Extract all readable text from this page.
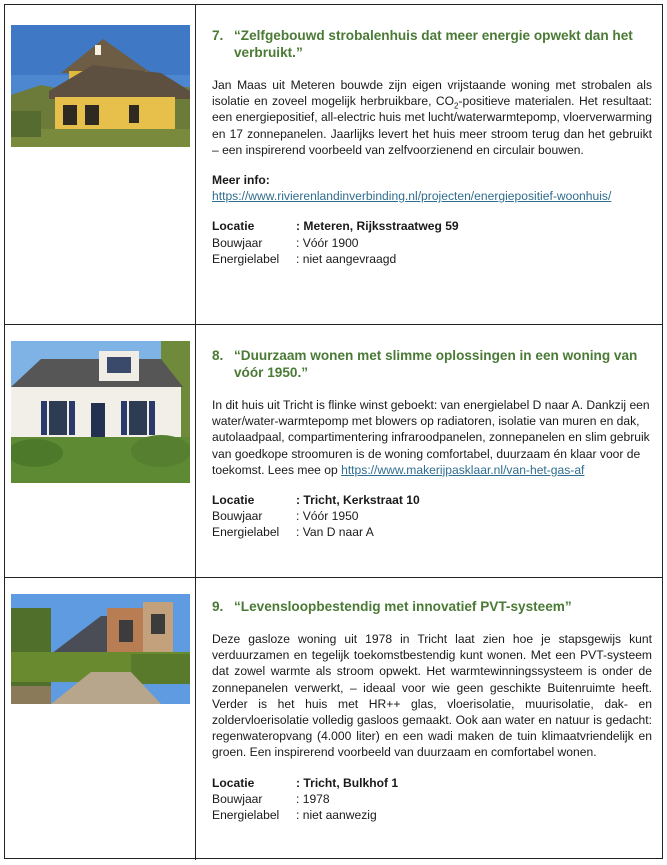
7. “Zelfgebouwd strobalenhuis dat meer energie opwekt dan het verbruikt.”

Jan Maas uit Meteren bouwde zijn eigen vrijstaande woning met strobalen als isolatie en zoveel mogelijk herbruikbare, $CO_2$-positieve materialen. Het resultaat: een energiepositief, all-electric huis met lucht/waterwarmtepomp, vloerverwarming en 17 zonnepanelen. Jaarlijks levert het huis meer stroom terug dan het gebruikt – een inspirerend voorbeeld van zelfvoorzienend en circulair bouwen.

Meer info:
https://www.rivierenlandinverbinding.nl/projecten/energiepositief-woonhuis/
Locatie	: Meteren, Rijksstraatweg 59
Bouwjaar	: Vóór 1900
Energielabel	: niet aangevraagd
8. “Duurzaam wonen met slimme oplossingen in een woning van vóór 1950.”

In dit huis uit Tricht is flinke winst geboekt: van energielabel D naar A. Dankzij een water/water-warmtepomp met blowers op radiatoren, isolatie van muren en dak, autolaadpaal, compartimentering infraroodpanelen, zonnepanelen en slim gebruik van goedkope stroomuren is de woning comfortabel, duurzaam én klaar voor de toekomst. Lees mee op https://www.makerijpasklaar.nl/van-het-gas-af

Locatie	: Tricht, Kerkstraat 10
Bouwjaar	: Vóór 1950
Energielabel	: Van D naar A
9. “Levensloopbestendig met innovatief PVT-systeem”

Deze gasloze woning uit 1978 in Tricht laat zien hoe je stapsgewijs kunt verduurzamen en tegelijk toekomstbestendig kunt wonen. Met een PVT-systeem dat zowel warmte als stroom opwekt. Het warmtewinningssysteem is onder de zonnepanelen verwerkt, – ideaal voor wie geen geschikte Buitenruimte heeft. Verder is het huis met HR++ glas, vloerisolatie, muurisolatie, dak- en zoldervloerisolatie volledig gasloos gemaakt. Ook aan water en natuur is gedacht: regenwateropvang (4.000 liter) en een wadi maken de tuin klimaatvriendelijk en groen. Een inspirerend voorbeeld van duurzaam en comfortabel wonen.

Locatie	: Tricht, Bulkhof 1
Bouwjaar	: 1978
Energielabel	: niet aanwezig
